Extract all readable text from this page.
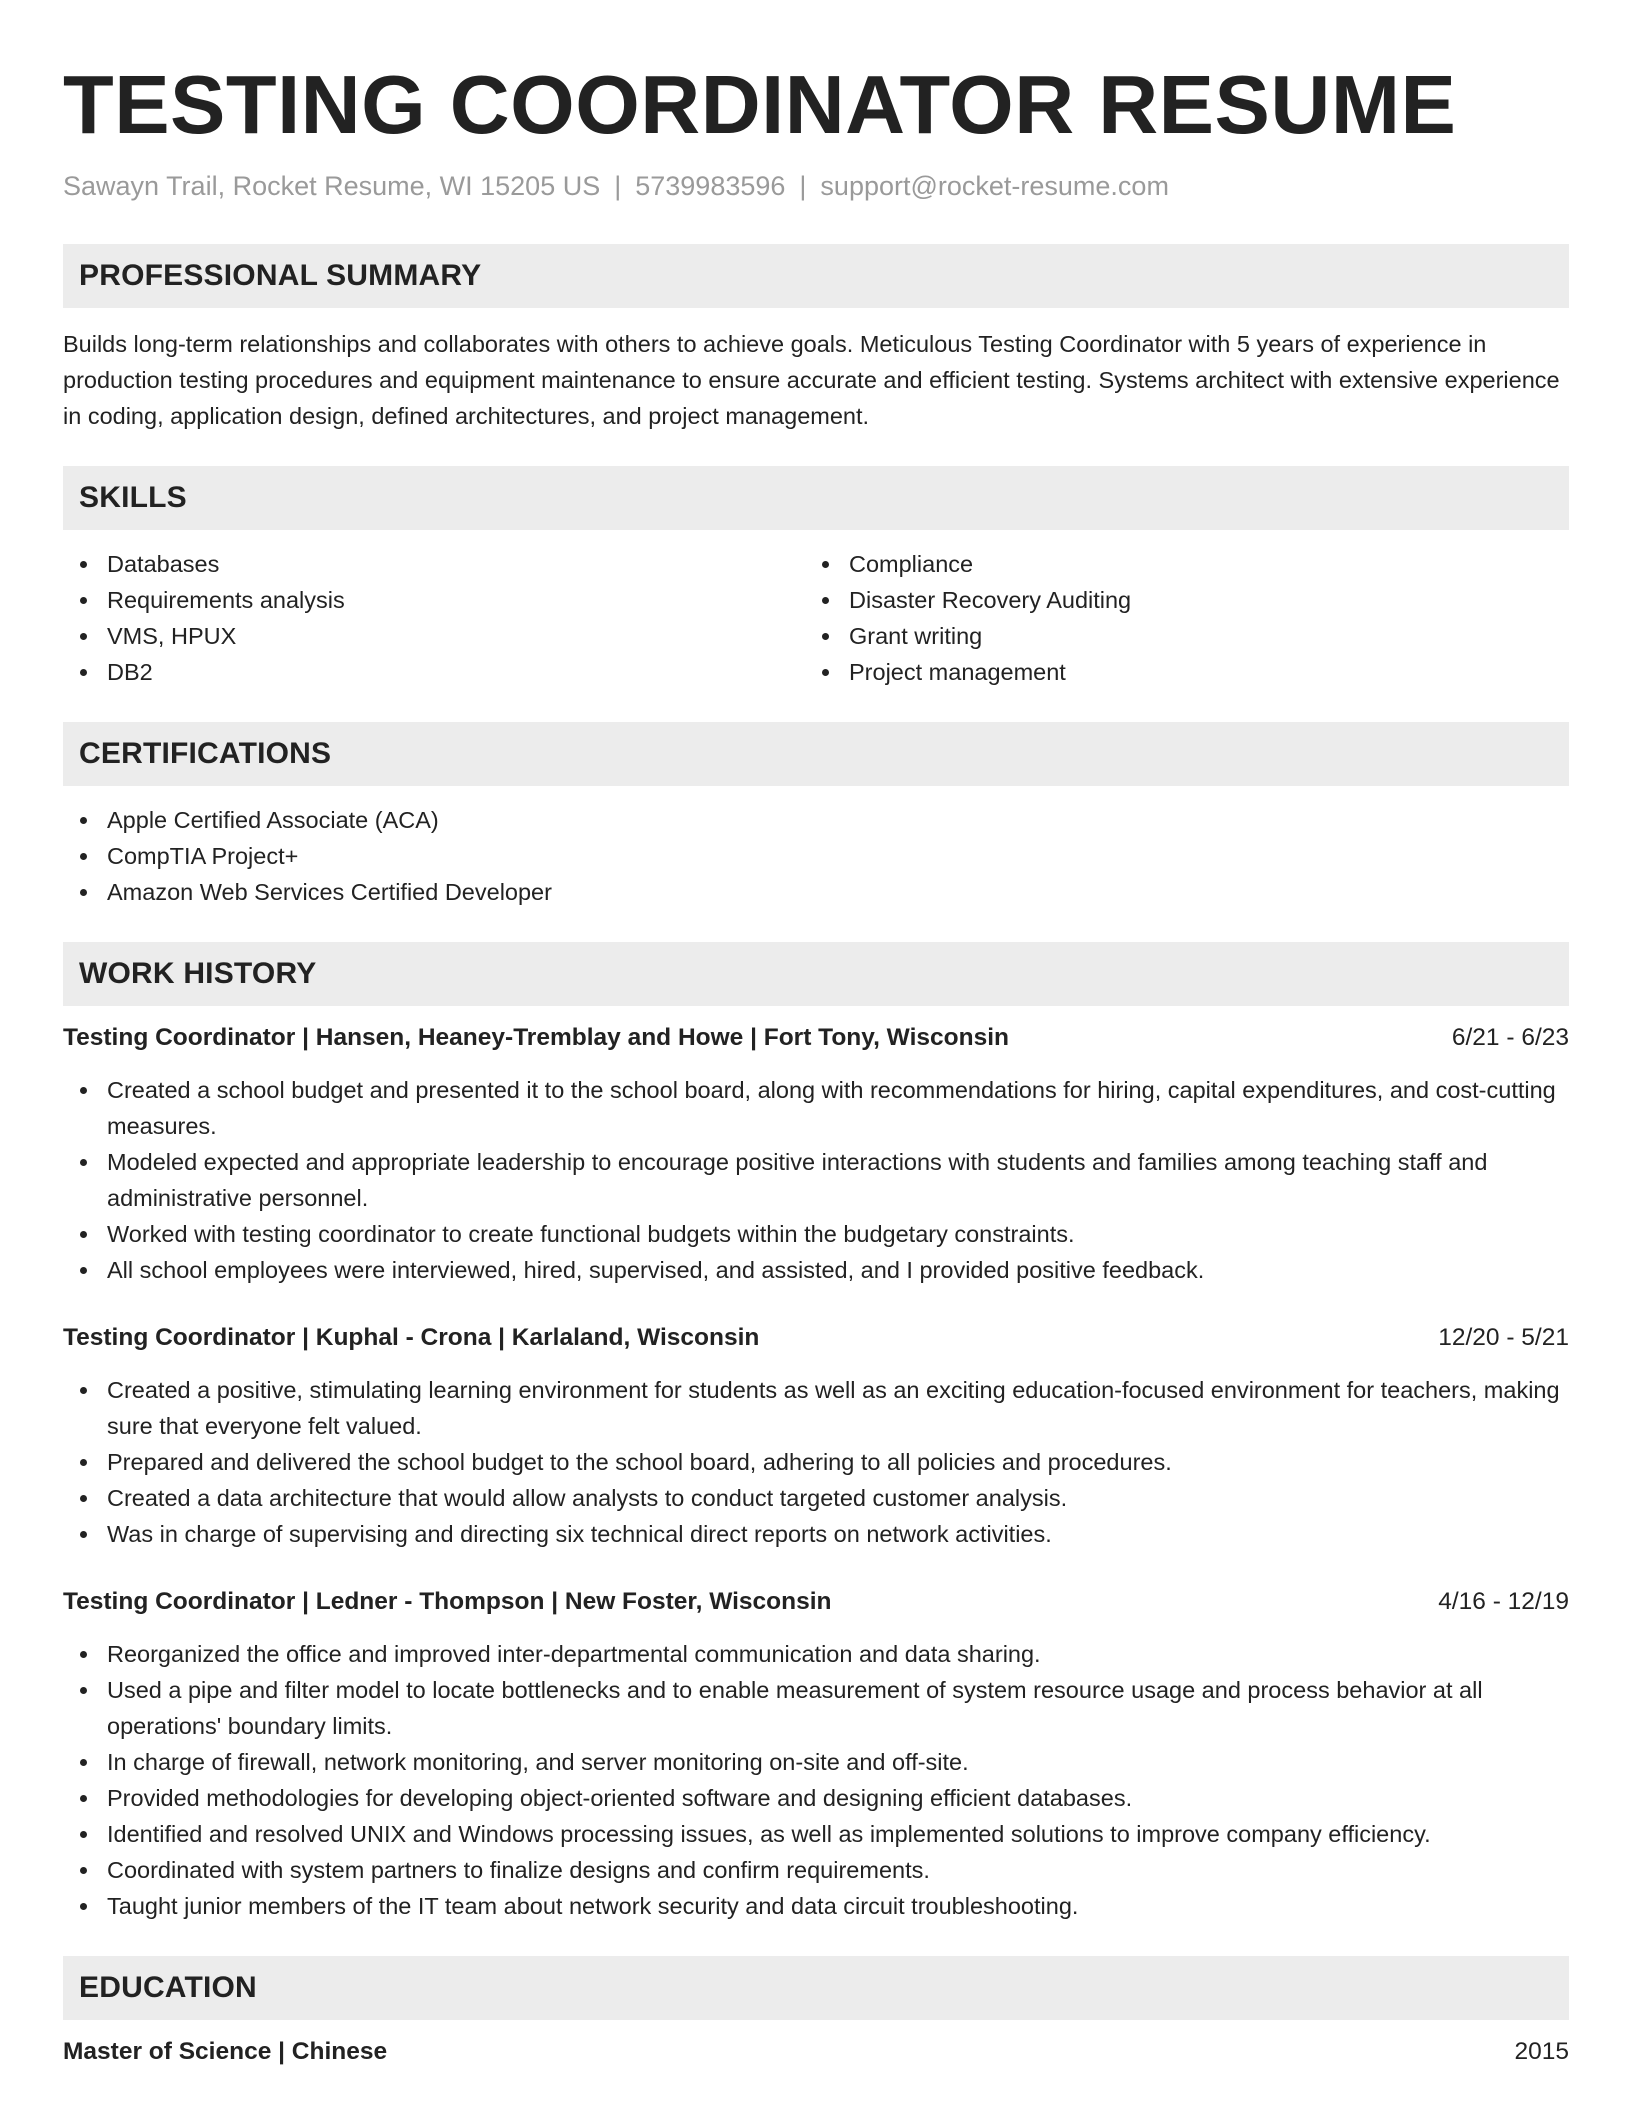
TESTING COORDINATOR RESUME
Sawayn Trail, Rocket Resume, WI 15205 US | 5739983596 | support@rocket-resume.com
PROFESSIONAL SUMMARY

Builds long-term relationships and collaborates with others to achieve goals. Meticulous Testing Coordinator with 5 years of experience in production testing procedures and equipment maintenance to ensure accurate and efficient testing. Systems architect with extensive experience in coding, application design, defined architectures, and project management.

SKILLS
Databases
Requirements analysis
VMS, HPUX
DB2
Compliance
Disaster Recovery Auditing
Grant writing
Project management
CERTIFICATIONS
Apple Certified Associate (ACA)
CompTIA Project+
Amazon Web Services Certified Developer
WORK HISTORY
Testing Coordinator | Hansen, Heaney-Tremblay and Howe | Fort Tony, Wisconsin	6/21 - 6/23
Created a school budget and presented it to the school board, along with recommendations for hiring, capital expenditures, and cost-cutting measures.
Modeled expected and appropriate leadership to encourage positive interactions with students and families among teaching staff and administrative personnel.
Worked with testing coordinator to create functional budgets within the budgetary constraints.
All school employees were interviewed, hired, supervised, and assisted, and I provided positive feedback.
Testing Coordinator | Kuphal - Crona | Karlaland, Wisconsin	12/20 - 5/21
Created a positive, stimulating learning environment for students as well as an exciting education-focused environment for teachers, making sure that everyone felt valued.
Prepared and delivered the school budget to the school board, adhering to all policies and procedures.
Created a data architecture that would allow analysts to conduct targeted customer analysis.
Was in charge of supervising and directing six technical direct reports on network activities.
Testing Coordinator | Ledner - Thompson | New Foster, Wisconsin	4/16 - 12/19
Reorganized the office and improved inter-departmental communication and data sharing.
Used a pipe and filter model to locate bottlenecks and to enable measurement of system resource usage and process behavior at all operations' boundary limits.
In charge of firewall, network monitoring, and server monitoring on-site and off-site.
Provided methodologies for developing object-oriented software and designing efficient databases.
Identified and resolved UNIX and Windows processing issues, as well as implemented solutions to improve company efficiency.
Coordinated with system partners to finalize designs and confirm requirements.
Taught junior members of the IT team about network security and data circuit troubleshooting.
EDUCATION
Master of Science | Chinese	2015
